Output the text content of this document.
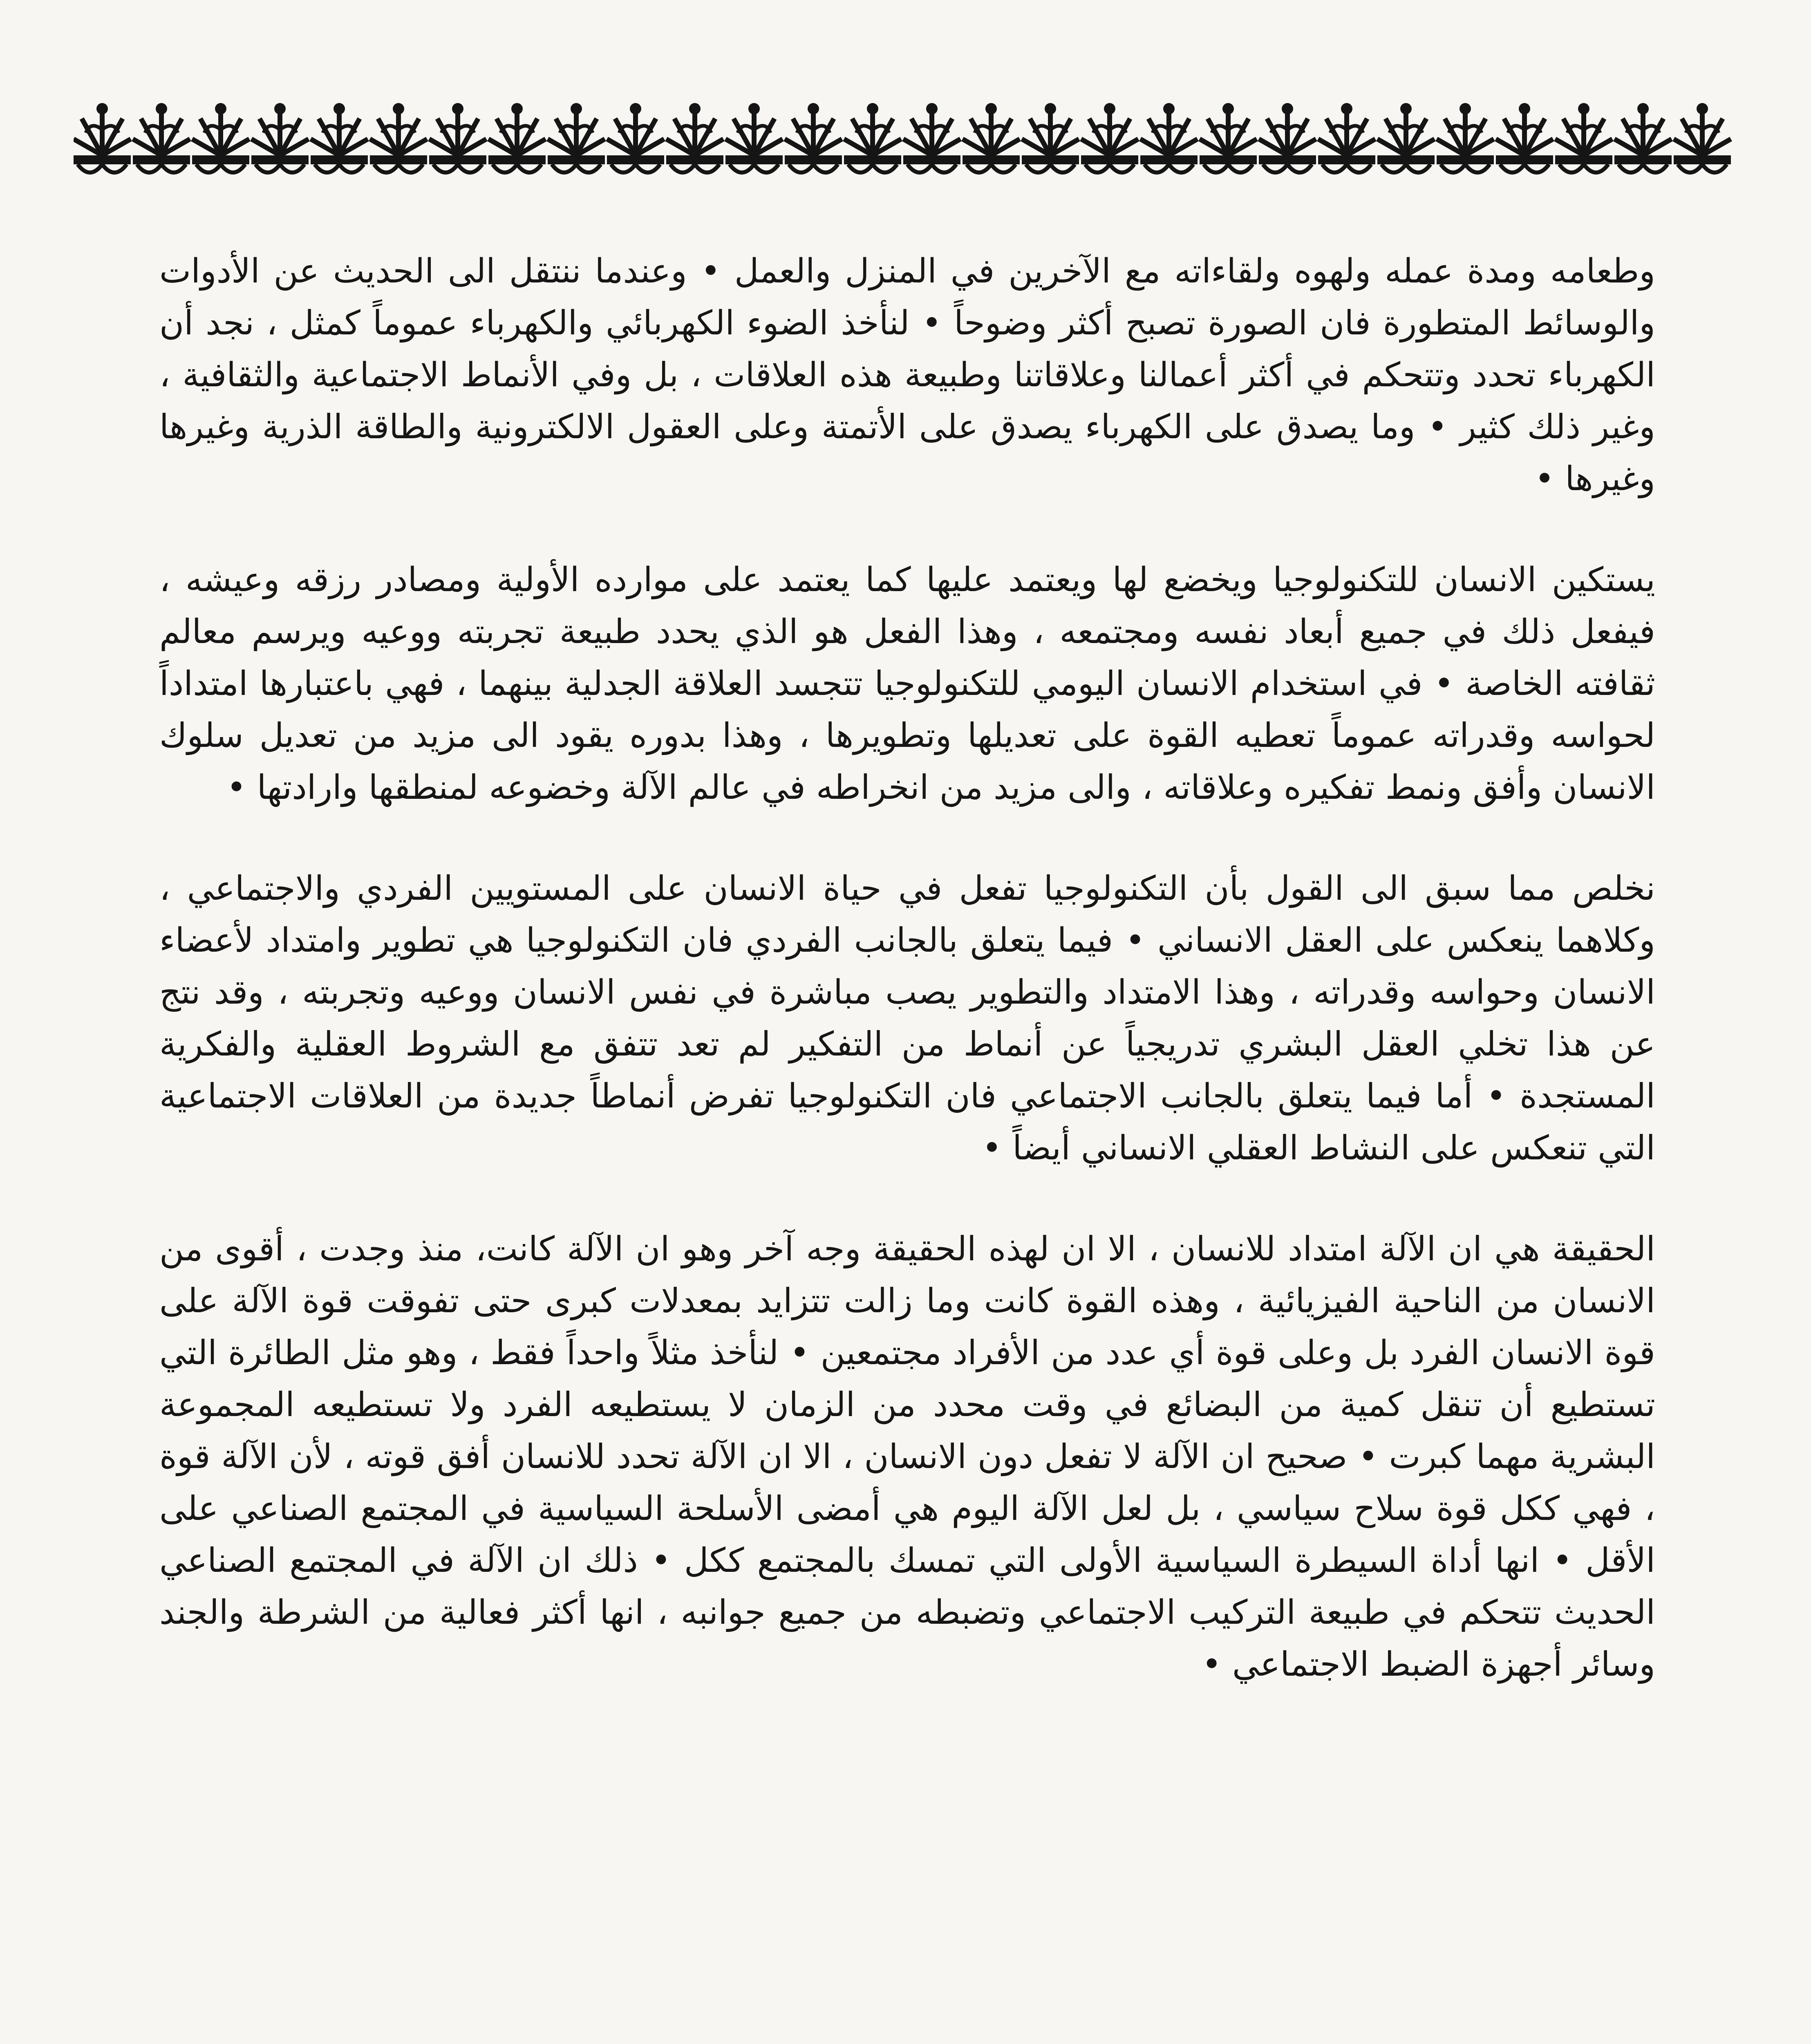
وطعامه ومدة عمله ولهوه ولقاءاته مع الآخرين في المنزل والعمل • وعندما ننتقل الى الحديث عن الأدوات والوسائط المتطورة فان الصورة تصبح أكثر وضوحاً • لنأخذ الضوء الكهربائي والكهرباء عموماً كمثل ، نجد أن الكهرباء تحدد وتتحكم في أكثر أعمالنا وعلاقاتنا وطبيعة هذه العلاقات ، بل وفي الأنماط الاجتماعية والثقافية ، وغير ذلك كثير • وما يصدق على الكهرباء يصدق على الأتمتة وعلى العقول الالكترونية والطاقة الذرية وغيرها وغيرها •

يستكين الانسان للتكنولوجيا ويخضع لها ويعتمد عليها كما يعتمد على موارده الأولية ومصادر رزقه وعيشه ، فيفعل ذلك في جميع أبعاد نفسه ومجتمعه ، وهذا الفعل هو الذي يحدد طبيعة تجربته ووعيه ويرسم معالم ثقافته الخاصة • في استخدام الانسان اليومي للتكنولوجيا تتجسد العلاقة الجدلية بينهما ، فهي باعتبارها امتداداً لحواسه وقدراته عموماً تعطيه القوة على تعديلها وتطويرها ، وهذا بدوره يقود الى مزيد من تعديل سلوك الانسان وأفق ونمط تفكيره وعلاقاته ، والى مزيد من انخراطه في عالم الآلة وخضوعه لمنطقها وارادتها •

نخلص مما سبق الى القول بأن التكنولوجيا تفعل في حياة الانسان على المستويين الفردي والاجتماعي ، وكلاهما ينعكس على العقل الانساني • فيما يتعلق بالجانب الفردي فان التكنولوجيا هي تطوير وامتداد لأعضاء الانسان وحواسه وقدراته ، وهذا الامتداد والتطوير يصب مباشرة في نفس الانسان ووعيه وتجربته ، وقد نتج عن هذا تخلي العقل البشري تدريجياً عن أنماط من التفكير لم تعد تتفق مع الشروط العقلية والفكرية المستجدة • أما فيما يتعلق بالجانب الاجتماعي فان التكنولوجيا تفرض أنماطاً جديدة من العلاقات الاجتماعية التي تنعكس على النشاط العقلي الانساني أيضاً •

الحقيقة هي ان الآلة امتداد للانسان ، الا ان لهذه الحقيقة وجه آخر وهو ان الآلة كانت، منذ وجدت ، أقوى من الانسان من الناحية الفيزيائية ، وهذه القوة كانت وما زالت تتزايد بمعدلات كبرى حتى تفوقت قوة الآلة على قوة الانسان الفرد بل وعلى قوة أي عدد من الأفراد مجتمعين • لنأخذ مثلاً واحداً فقط ، وهو مثل الطائرة التي تستطيع أن تنقل كمية من البضائع في وقت محدد من الزمان لا يستطيعه الفرد ولا تستطيعه المجموعة البشرية مهما كبرت • صحيح ان الآلة لا تفعل دون الانسان ، الا ان الآلة تحدد للانسان أفق قوته ، لأن الآلة قوة ، فهي ككل قوة سلاح سياسي ، بل لعل الآلة اليوم هي أمضى الأسلحة السياسية في المجتمع الصناعي على الأقل • انها أداة السيطرة السياسية الأولى التي تمسك بالمجتمع ككل • ذلك ان الآلة في المجتمع الصناعي الحديث تتحكم في طبيعة التركيب الاجتماعي وتضبطه من جميع جوانبه ، انها أكثر فعالية من الشرطة والجند وسائر أجهزة الضبط الاجتماعي •
